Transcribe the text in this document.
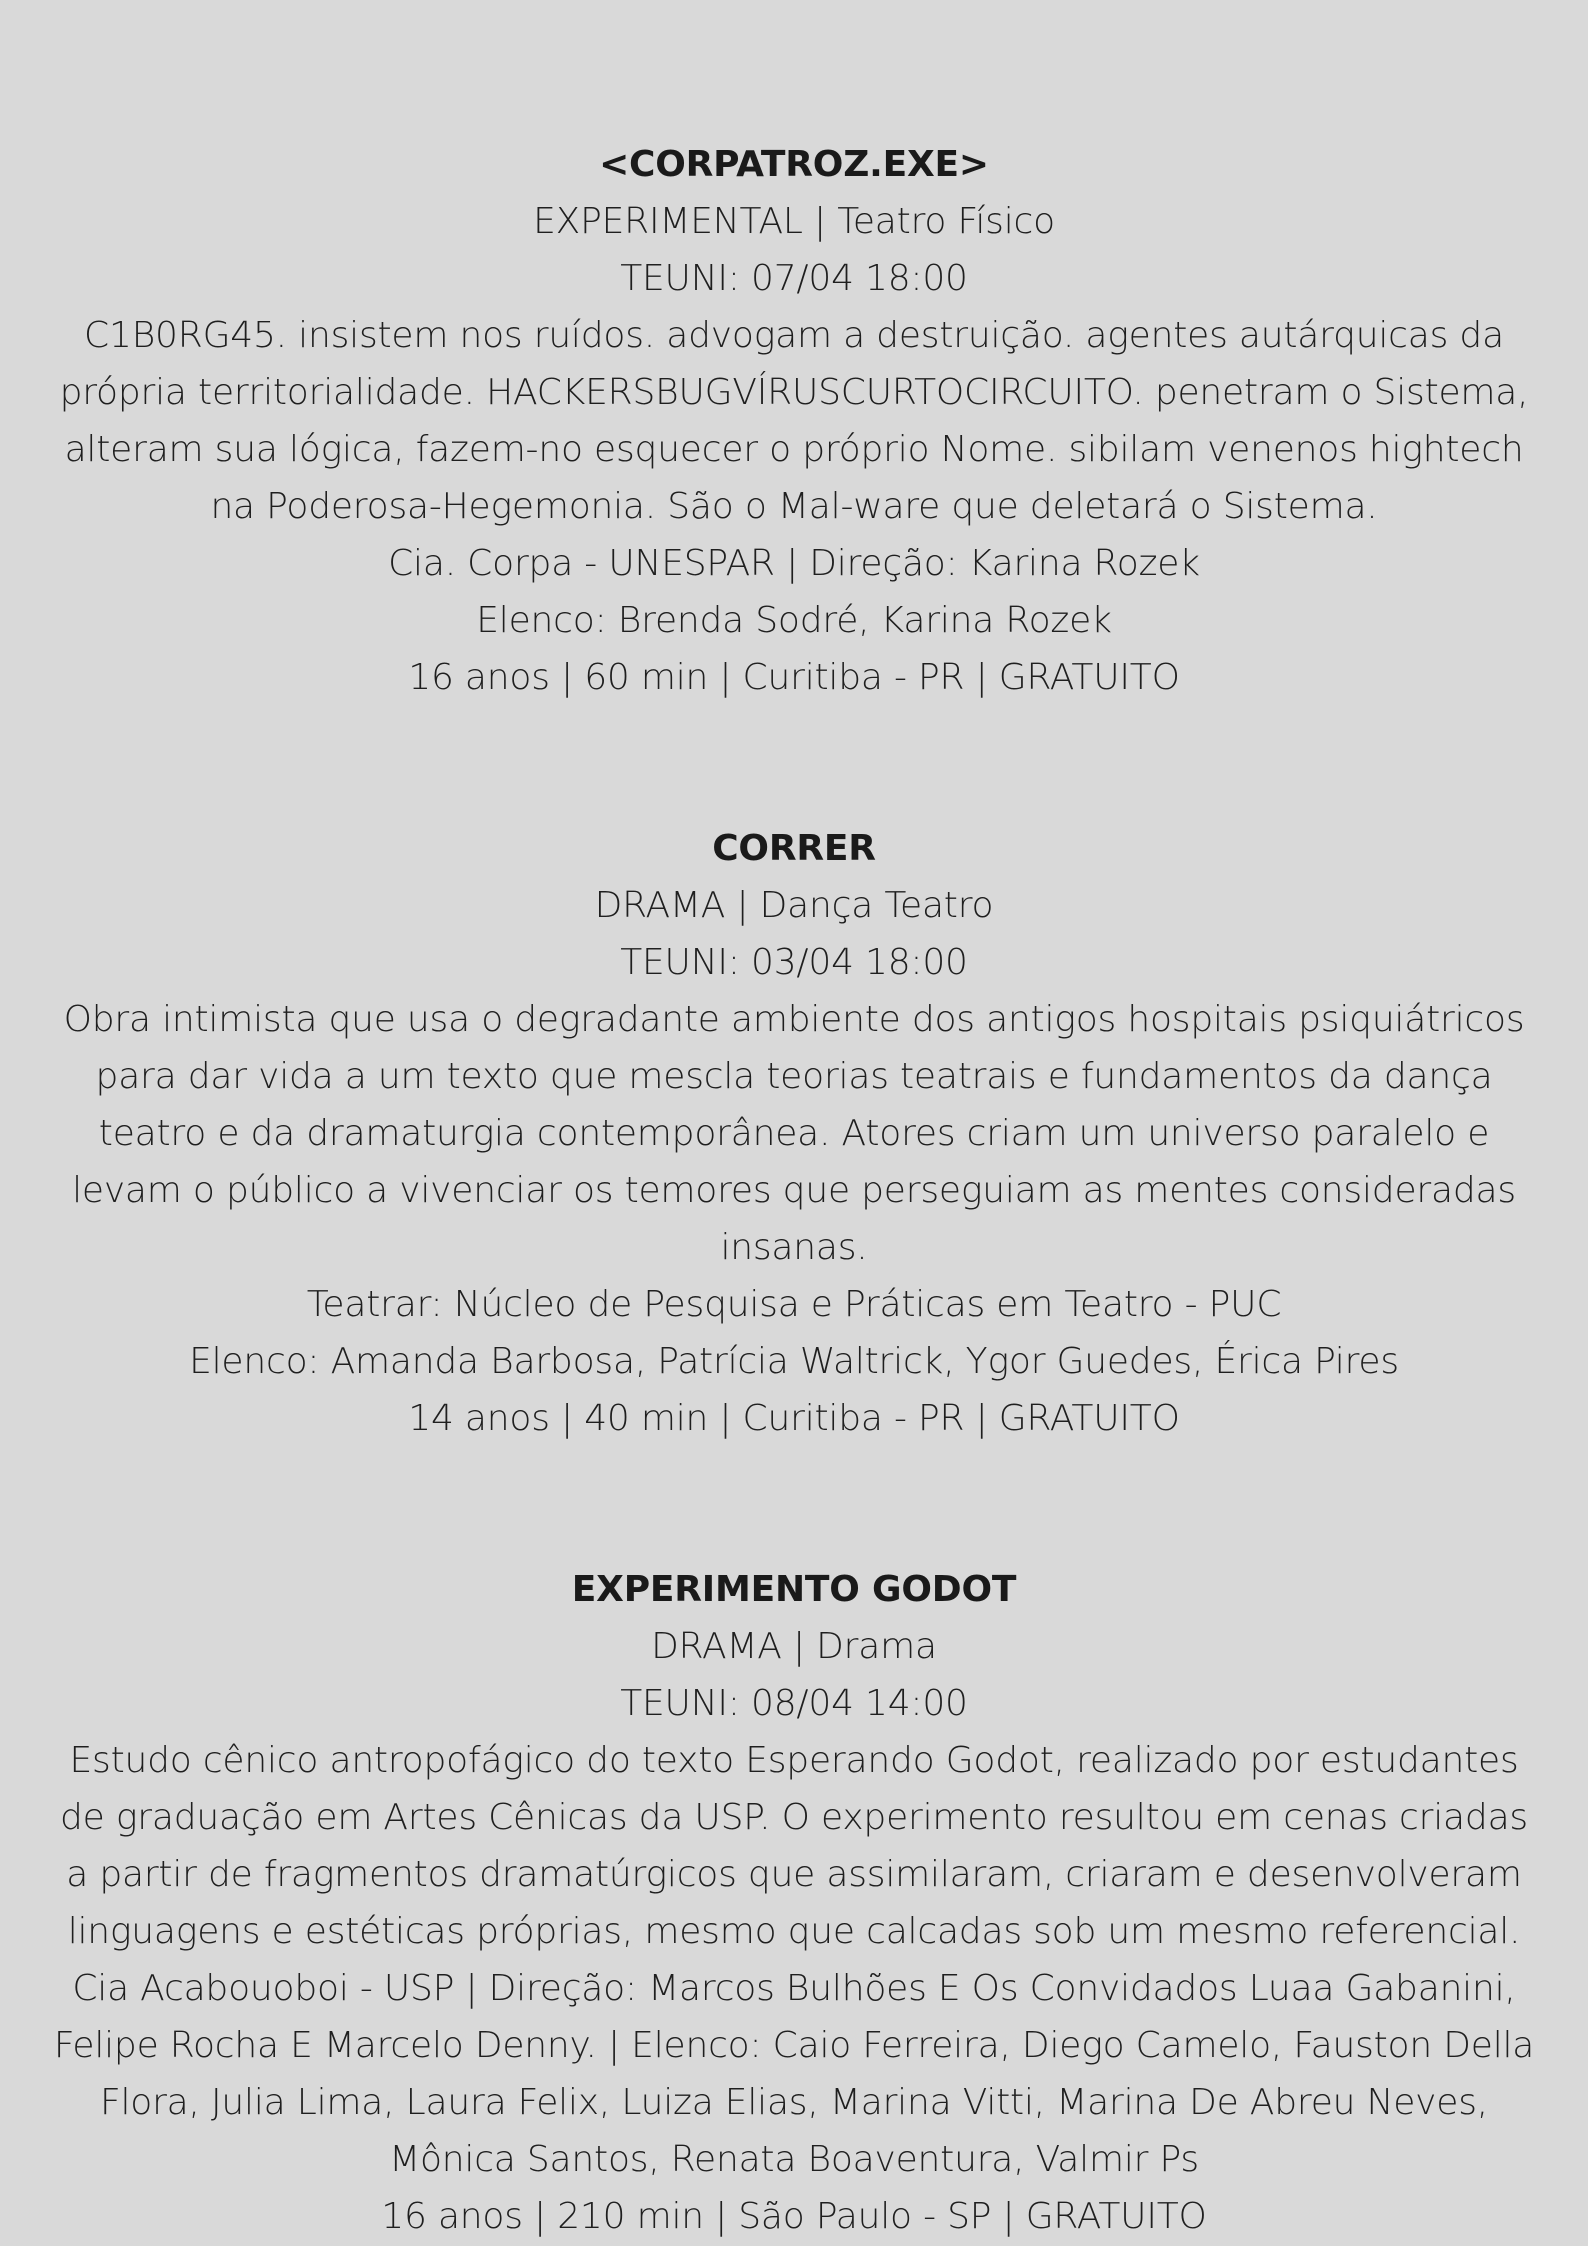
<CORPATROZ.EXE>
EXPERIMENTAL | Teatro Físico
TEUNI: 07/04 18:00
C1B0RG45. insistem nos ruídos. advogam a destruição. agentes autárquicas da própria territorialidade. HACKERSBUGVÍRUSCURTOCIRCUITO. penetram o Sistema, alteram sua lógica, fazem-no esquecer o próprio Nome. sibilam venenos hightech na Poderosa-Hegemonia. São o Mal-ware que deletará o Sistema.
Cia. Corpa - UNESPAR | Direção: Karina Rozek
Elenco: Brenda Sodré, Karina Rozek
16 anos | 60 min | Curitiba - PR | GRATUITO
CORRER
DRAMA | Dança Teatro
TEUNI: 03/04 18:00
Obra intimista que usa o degradante ambiente dos antigos hospitais psiquiátricos para dar vida a um texto que mescla teorias teatrais e fundamentos da dança teatro e da dramaturgia contemporânea. Atores criam um universo paralelo e levam o público a vivenciar os temores que perseguiam as mentes consideradas insanas.
Teatrar: Núcleo de Pesquisa e Práticas em Teatro - PUC
Elenco: Amanda Barbosa, Patrícia Waltrick, Ygor Guedes, Érica Pires
14 anos | 40 min | Curitiba - PR | GRATUITO
EXPERIMENTO GODOT
DRAMA | Drama
TEUNI: 08/04 14:00
Estudo cênico antropofágico do texto Esperando Godot, realizado por estudantes de graduação em Artes Cênicas da USP. O experimento resultou em cenas criadas a partir de fragmentos dramatúrgicos que assimilaram, criaram e desenvolveram linguagens e estéticas próprias, mesmo que calcadas sob um mesmo referencial.
Cia Acabouoboi - USP | Direção: Marcos Bulhões E Os Convidados Luaa Gabanini, Felipe Rocha E Marcelo Denny. | Elenco: Caio Ferreira, Diego Camelo, Fauston Della Flora, Julia Lima, Laura Felix, Luiza Elias, Marina Vitti, Marina De Abreu Neves, Mônica Santos, Renata Boaventura, Valmir Ps
16 anos | 210 min | São Paulo - SP | GRATUITO
